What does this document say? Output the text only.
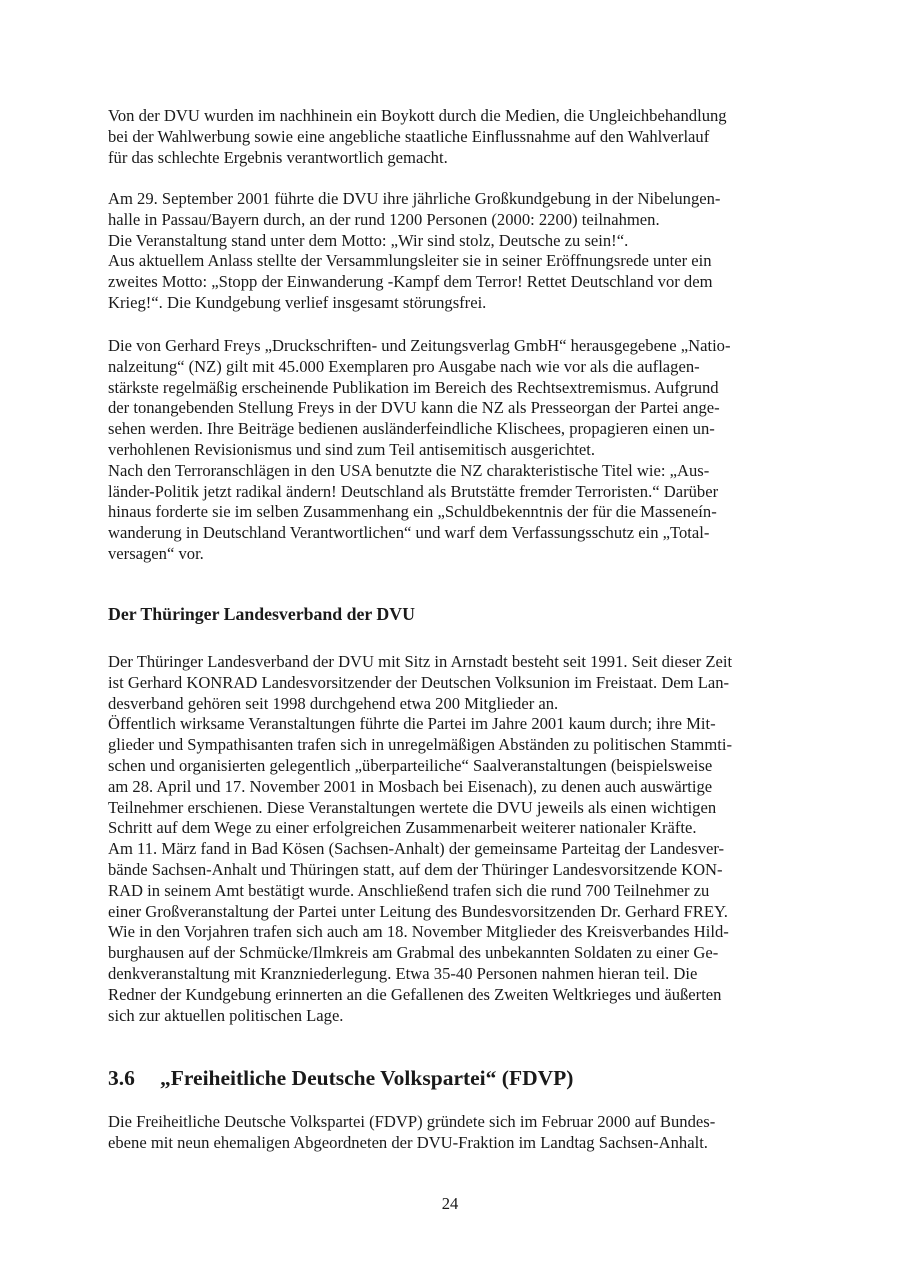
Von der DVU wurden im nachhinein ein Boykott durch die Medien, die Ungleichbehandlung
bei der Wahlwerbung sowie eine angebliche staatliche Einflussnahme auf den Wahlverlauf
für das schlechte Ergebnis verantwortlich gemacht.
Am 29. September 2001 führte die DVU ihre jährliche Großkundgebung in der Nibelungen-
halle in Passau/Bayern durch, an der rund 1200 Personen (2000: 2200) teilnahmen.
Die Veranstaltung stand unter dem Motto: „Wir sind stolz, Deutsche zu sein!“.
Aus aktuellem Anlass stellte der Versammlungsleiter sie in seiner Eröffnungsrede unter ein
zweites Motto: „Stopp der Einwanderung -Kampf dem Terror! Rettet Deutschland vor dem
Krieg!“. Die Kundgebung verlief insgesamt störungsfrei.
Die von Gerhard Freys „Druckschriften- und Zeitungsverlag GmbH“ herausgegebene „Natio-
nalzeitung“ (NZ) gilt mit 45.000 Exemplaren pro Ausgabe nach wie vor als die auflagen-
stärkste regelmäßig erscheinende Publikation im Bereich des Rechtsextremismus. Aufgrund
der tonangebenden Stellung Freys in der DVU kann die NZ als Presseorgan der Partei ange-
sehen werden. Ihre Beiträge bedienen ausländerfeindliche Klischees, propagieren einen un-
verhohlenen Revisionismus und sind zum Teil antisemitisch ausgerichtet.
Nach den Terroranschlägen in den USA benutzte die NZ charakteristische Titel wie: „Aus-
länder-Politik jetzt radikal ändern! Deutschland als Brutstätte fremder Terroristen.“ Darüber
hinaus forderte sie im selben Zusammenhang ein „Schuldbekenntnis der für die Masseneín-
wanderung in Deutschland Verantwortlichen“ und warf dem Verfassungsschutz ein „Total-
versagen“ vor.
Der Thüringer Landesverband der DVU
Der Thüringer Landesverband der DVU mit Sitz in Arnstadt besteht seit 1991. Seit dieser Zeit
ist Gerhard KONRAD Landesvorsitzender der Deutschen Volksunion im Freistaat. Dem Lan-
desverband gehören seit 1998 durchgehend etwa 200 Mitglieder an.
Öffentlich wirksame Veranstaltungen führte die Partei im Jahre 2001 kaum durch; ihre Mit-
glieder und Sympathisanten trafen sich in unregelmäßigen Abständen zu politischen Stammti-
schen und organisierten gelegentlich „überparteiliche“ Saalveranstaltungen (beispielsweise
am 28. April und 17. November 2001 in Mosbach bei Eisenach), zu denen auch auswärtige
Teilnehmer erschienen. Diese Veranstaltungen wertete die DVU jeweils als einen wichtigen
Schritt auf dem Wege zu einer erfolgreichen Zusammenarbeit weiterer nationaler Kräfte.
Am 11. März fand in Bad Kösen (Sachsen-Anhalt) der gemeinsame Parteitag der Landesver-
bände Sachsen-Anhalt und Thüringen statt, auf dem der Thüringer Landesvorsitzende KON-
RAD in seinem Amt bestätigt wurde. Anschließend trafen sich die rund 700 Teilnehmer zu
einer Großveranstaltung der Partei unter Leitung des Bundesvorsitzenden Dr. Gerhard FREY.
Wie in den Vorjahren trafen sich auch am 18. November Mitglieder des Kreisverbandes Hild-
burghausen auf der Schmücke/Ilmkreis am Grabmal des unbekannten Soldaten zu einer Ge-
denkveranstaltung mit Kranzniederlegung. Etwa 35-40 Personen nahmen hieran teil. Die
Redner der Kundgebung erinnerten an die Gefallenen des Zweiten Weltkrieges und äußerten
sich zur aktuellen politischen Lage.
3.6 „Freiheitliche Deutsche Volkspartei“ (FDVP)
Die Freiheitliche Deutsche Volkspartei (FDVP) gründete sich im Februar 2000 auf Bundes-
ebene mit neun ehemaligen Abgeordneten der DVU-Fraktion im Landtag Sachsen-Anhalt.
24
